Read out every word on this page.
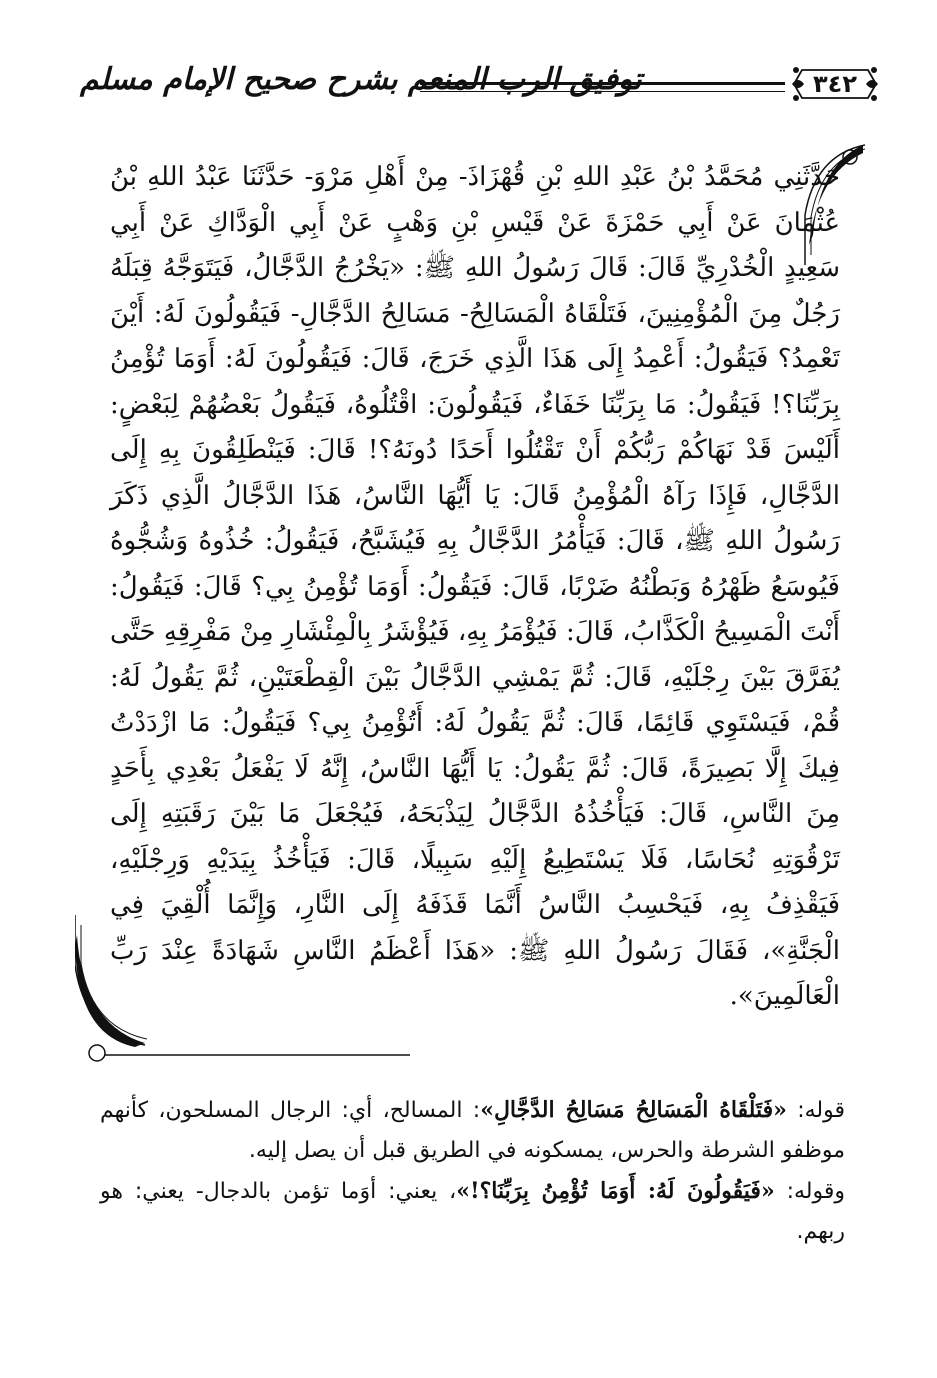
توفيق الرب المنعم بشرح صحيح الإمام مسلم	٣٤٢

حَدَّثَنِي مُحَمَّدُ بْنُ عَبْدِ اللهِ بْنِ قُهْزَاذَ- مِنْ أَهْلِ مَرْوَ- حَدَّثَنَا عَبْدُ اللهِ بْنُ عُثْمَانَ عَنْ أَبِي حَمْزَةَ عَنْ قَيْسِ بْنِ وَهْبٍ عَنْ أَبِي الْوَدَّاكِ عَنْ أَبِي سَعِيدٍ الْخُدْرِيِّ قَالَ: قَالَ رَسُولُ اللهِ ﷺ: «يَخْرُجُ الدَّجَّالُ، فَيَتَوَجَّهُ قِبَلَهُ رَجُلٌ مِنَ الْمُؤْمِنِينَ، فَتَلْقَاهُ الْمَسَالِحُ- مَسَالِحُ الدَّجَّالِ- فَيَقُولُونَ لَهُ: أَيْنَ تَعْمِدُ؟ فَيَقُولُ: أَعْمِدُ إِلَى هَذَا الَّذِي خَرَجَ، قَالَ: فَيَقُولُونَ لَهُ: أَوَمَا تُؤْمِنُ بِرَبِّنَا؟! فَيَقُولُ: مَا بِرَبِّنَا خَفَاءٌ، فَيَقُولُونَ: اقْتُلُوهُ، فَيَقُولُ بَعْضُهُمْ لِبَعْضٍ: أَلَيْسَ قَدْ نَهَاكُمْ رَبُّكُمْ أَنْ تَقْتُلُوا أَحَدًا دُونَهُ؟! قَالَ: فَيَنْطَلِقُونَ بِهِ إِلَى الدَّجَّالِ، فَإِذَا رَآهُ الْمُؤْمِنُ قَالَ: يَا أَيُّهَا النَّاسُ، هَذَا الدَّجَّالُ الَّذِي ذَكَرَ رَسُولُ اللهِ ﷺ، قَالَ: فَيَأْمُرُ الدَّجَّالُ بِهِ فَيُشَبَّحُ، فَيَقُولُ: خُذُوهُ وَشُجُّوهُ فَيُوسَعُ ظَهْرُهُ وَبَطْنُهُ ضَرْبًا، قَالَ: فَيَقُولُ: أَوَمَا تُؤْمِنُ بِي؟ قَالَ: فَيَقُولُ: أَنْتَ الْمَسِيحُ الْكَذَّابُ، قَالَ: فَيُؤْمَرُ بِهِ، فَيُؤْشَرُ بِالْمِئْشَارِ مِنْ مَفْرِقِهِ حَتَّى يُفَرَّقَ بَيْنَ رِجْلَيْهِ، قَالَ: ثُمَّ يَمْشِي الدَّجَّالُ بَيْنَ الْقِطْعَتَيْنِ، ثُمَّ يَقُولُ لَهُ: قُمْ، فَيَسْتَوِي قَائِمًا، قَالَ: ثُمَّ يَقُولُ لَهُ: أَتُؤْمِنُ بِي؟ فَيَقُولُ: مَا ازْدَدْتُ فِيكَ إِلَّا بَصِيرَةً، قَالَ: ثُمَّ يَقُولُ: يَا أَيُّهَا النَّاسُ، إِنَّهُ لَا يَفْعَلُ بَعْدِي بِأَحَدٍ مِنَ النَّاسِ، قَالَ: فَيَأْخُذُهُ الدَّجَّالُ لِيَذْبَحَهُ، فَيُجْعَلَ مَا بَيْنَ رَقَبَتِهِ إِلَى تَرْقُوَتِهِ نُحَاسًا، فَلَا يَسْتَطِيعُ إِلَيْهِ سَبِيلًا، قَالَ: فَيَأْخُذُ بِيَدَيْهِ وَرِجْلَيْهِ، فَيَقْذِفُ بِهِ، فَيَحْسِبُ النَّاسُ أَنَّمَا قَذَفَهُ إِلَى النَّارِ، وَإِنَّمَا أُلْقِيَ فِي الْجَنَّةِ»، فَقَالَ رَسُولُ اللهِ ﷺ: «هَذَا أَعْظَمُ النَّاسِ شَهَادَةً عِنْدَ رَبِّ الْعَالَمِينَ».

قوله: «فَتَلْقَاهُ الْمَسَالِحُ مَسَالِحُ الدَّجَّالِ»: المسالح، أي: الرجال المسلحون، كأنهم موظفو الشرطة والحرس، يمسكونه في الطريق قبل أن يصل إليه.

وقوله: «فَيَقُولُونَ لَهُ: أَوَمَا تُؤْمِنُ بِرَبِّنَا؟!»، يعني: أوَما تؤمن بالدجال- يعني: هو ربهم.
